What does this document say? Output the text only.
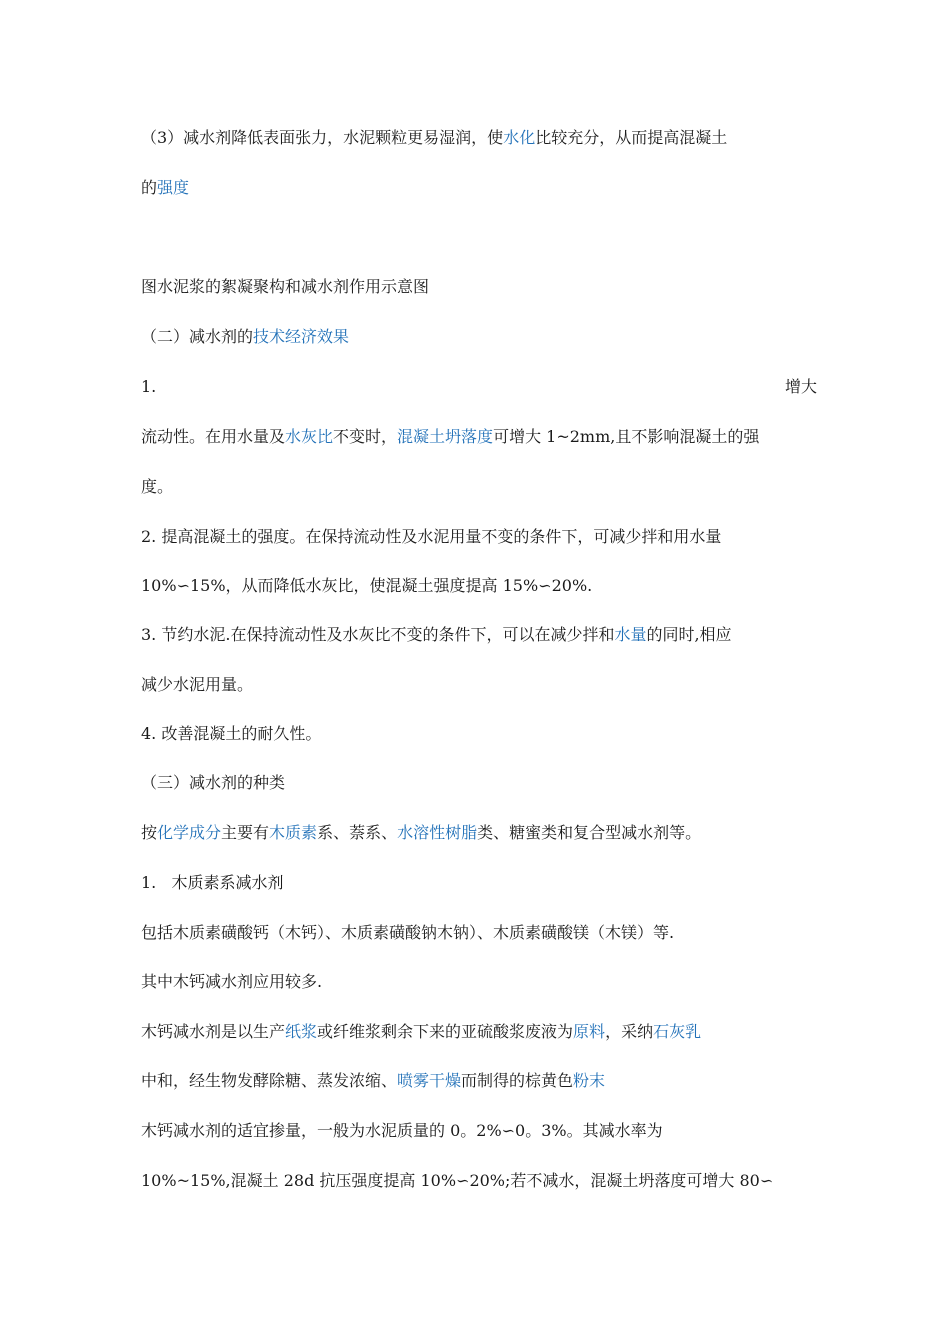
（3）减水剂降低表面张力，水泥颗粒更易湿润，使水化比较充分，从而提高混凝土
的强度
图水泥浆的絮凝聚构和减水剂作用示意图
（二）减水剂的技术经济效果
1.	增大
流动性。在用水量及水灰比不变时，混凝土坍落度可增大 1~2mm,且不影响混凝土的强
度。
2. 提高混凝土的强度。在保持流动性及水泥用量不变的条件下，可减少拌和用水量
10%∽15%，从而降低水灰比，使混凝土强度提高 15%∽20%.
3. 节约水泥.在保持流动性及水灰比不变的条件下，可以在减少拌和水量的同时,相应
减少水泥用量。
4. 改善混凝土的耐久性。
（三）减水剂的种类
按化学成分主要有木质素系、萘系、水溶性树脂类、糖蜜类和复合型减水剂等。
1.   木质素系减水剂
包括木质素磺酸钙（木钙）、木质素磺酸钠木钠）、木质素磺酸镁（木镁）等.
其中木钙减水剂应用较多.
木钙减水剂是以生产纸浆或纤维浆剩余下来的亚硫酸浆废液为原料，采纳石灰乳
中和，经生物发酵除糖、蒸发浓缩、喷雾干燥而制得的棕黄色粉末
木钙减水剂的适宜掺量，一般为水泥质量的 0。2%∽0。3%。其减水率为
10%~15%,混凝土 28d 抗压强度提高 10%∽20%;若不减水，混凝土坍落度可增大 80∽
